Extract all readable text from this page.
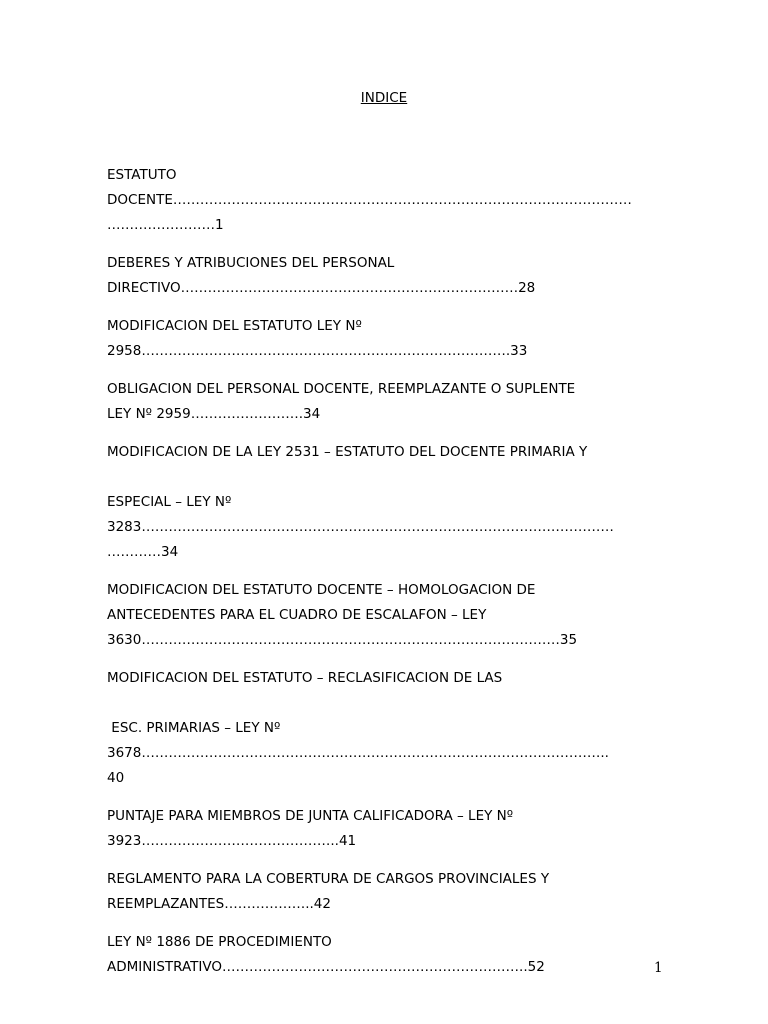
INDICE
ESTATUTO
DOCENTE…………………………………………………………………………………………
……………………1
DEBERES Y ATRIBUCIONES DEL PERSONAL
DIRECTIVO…………………………………………………………………28
MODIFICACION DEL ESTATUTO LEY Nº
2958……………………………………………………………………….33
OBLIGACION DEL PERSONAL DOCENTE, REEMPLAZANTE O SUPLENTE
LEY Nº 2959…………………….34
MODIFICACION DE LA LEY 2531 – ESTATUTO DEL DOCENTE PRIMARIA Y
ESPECIAL – LEY Nº
3283……………………………………………………………………………………………
…………34
MODIFICACION DEL ESTATUTO DOCENTE – HOMOLOGACION DE
ANTECEDENTES PARA EL CUADRO DE ESCALAFON – LEY
3630…………………………………………………………………………………35
MODIFICACION DEL ESTATUTO – RECLASIFICACION DE LAS
ESC. PRIMARIAS – LEY Nº
3678…………………………………………………………………………………………..
40
PUNTAJE PARA MIEMBROS DE JUNTA CALIFICADORA – LEY Nº
3923……………………………………..41
REGLAMENTO PARA LA COBERTURA DE CARGOS PROVINCIALES Y
REEMPLAZANTES………………..42
LEY Nº 1886 DE PROCEDIMIENTO
ADMINISTRATIVO…………………………………………………………..52	1
